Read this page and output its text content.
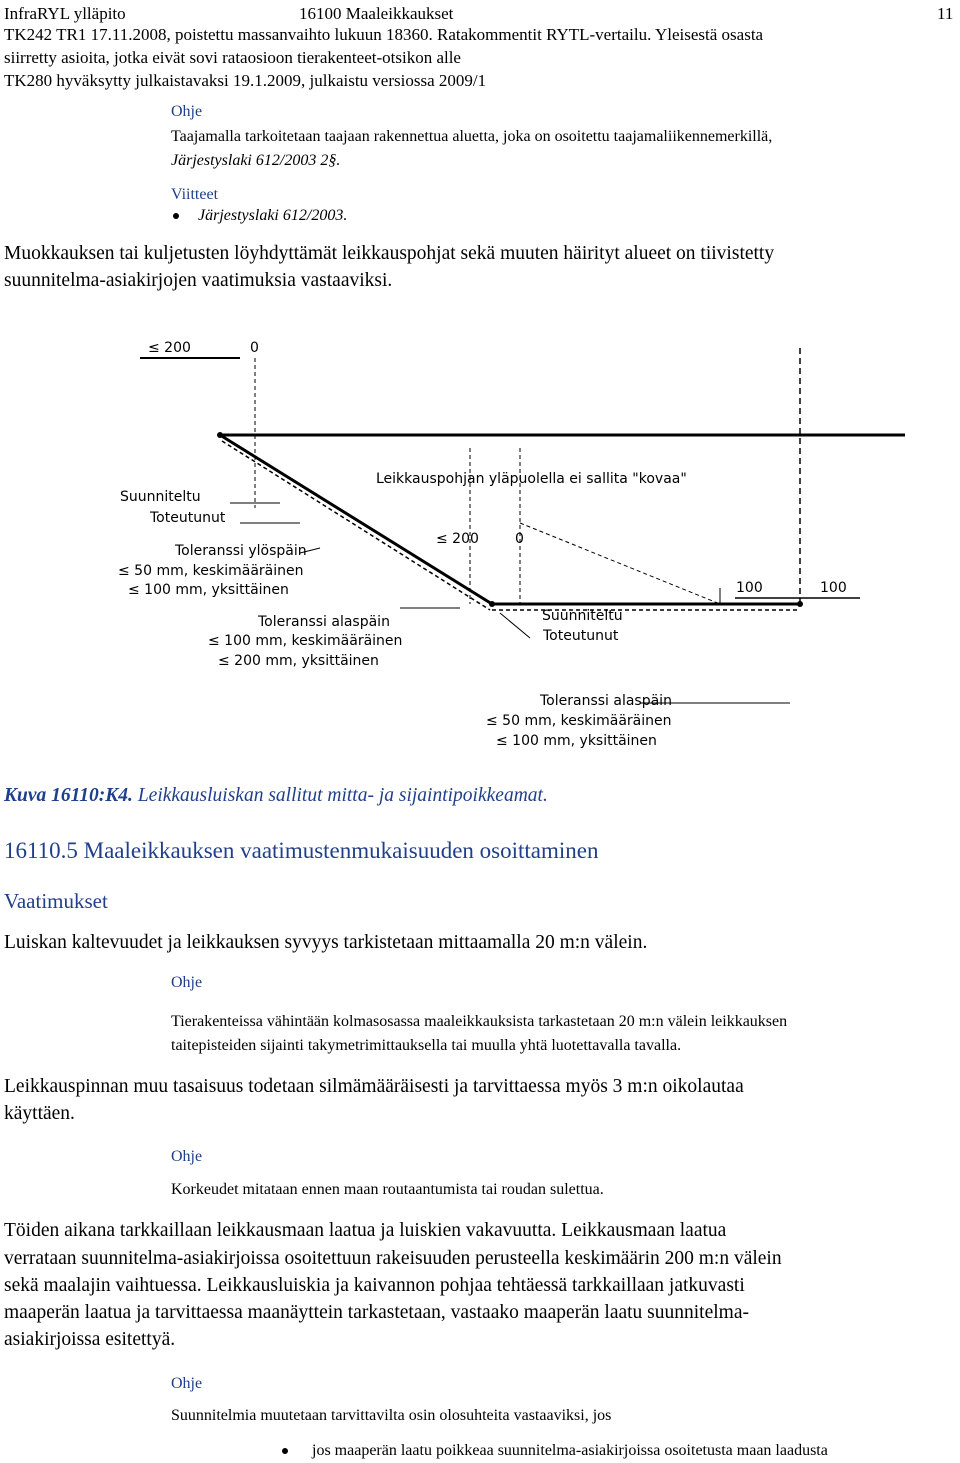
InfraRYL ylläpito	16100 Maaleikkaukset	11
TK242 TR1 17.11.2008, poistettu massanvaihto lukuun 18360. Ratakommentit RYTL-vertailu. Yleisestä osasta
siirretty asioita, jotka eivät sovi rataosioon tierakenteet-otsikon alle
TK280 hyväksytty julkaistavaksi 19.1.2009, julkaistu versiossa 2009/1
Ohje
Taajamalla tarkoitetaan taajaan rakennettua aluetta, joka on osoitettu taajamaliikennemerkillä,
Järjestyslaki 612/2003 2§.
Viitteet
Järjestyslaki 612/2003.
Muokkauksen tai kuljetusten löyhdyttämät leikkauspohjat sekä muuten häirityt alueet on tiivistetty
suunnitelma-asiakirjojen vaatimuksia vastaaviksi.
≤ 200	0
Leikkauspohjan yläpuolella ei sallita "kovaa"
Suunniteltu
Toteutunut
≤ 200	0
Toleranssi ylöspäin
≤ 50 mm, keskimääräinen
≤ 100 mm, yksittäinen	100	100
Toleranssi alaspäin	Suunniteltu
Toteutunut
≤ 100 mm, keskimääräinen
≤ 200 mm, yksittäinen
Toleranssi alaspäin
≤ 50 mm, keskimääräinen
≤ 100 mm, yksittäinen
Kuva 16110:K4. Leikkausluiskan sallitut mitta- ja sijaintipoikkeamat.
16110.5 Maaleikkauksen vaatimustenmukaisuuden osoittaminen
Vaatimukset
Luiskan kaltevuudet ja leikkauksen syvyys tarkistetaan mittaamalla 20 m:n välein.
Ohje
Tierakenteissa vähintään kolmasosassa maaleikkauksista tarkastetaan 20 m:n välein leikkauksen
taitepisteiden sijainti takymetrimittauksella tai muulla yhtä luotettavalla tavalla.
Leikkauspinnan muu tasaisuus todetaan silmämääräisesti ja tarvittaessa myös 3 m:n oikolautaa
käyttäen.
Ohje
Korkeudet mitataan ennen maan routaantumista tai roudan sulettua.
Töiden aikana tarkkaillaan leikkausmaan laatua ja luiskien vakavuutta. Leikkausmaan laatua
verrataan suunnitelma-asiakirjoissa osoitettuun rakeisuuden perusteella keskimäärin 200 m:n välein
sekä maalajin vaihtuessa. Leikkausluiskia ja kaivannon pohjaa tehtäessä tarkkaillaan jatkuvasti
maaperän laatua ja tarvittaessa maanäyttein tarkastetaan, vastaako maaperän laatu suunnitelma-
asiakirjoissa esitettyä.
Ohje
Suunnitelmia muutetaan tarvittavilta osin olosuhteita vastaaviksi, jos
jos maaperän laatu poikkeaa suunnitelma-asiakirjoissa osoitetusta maan laadusta
